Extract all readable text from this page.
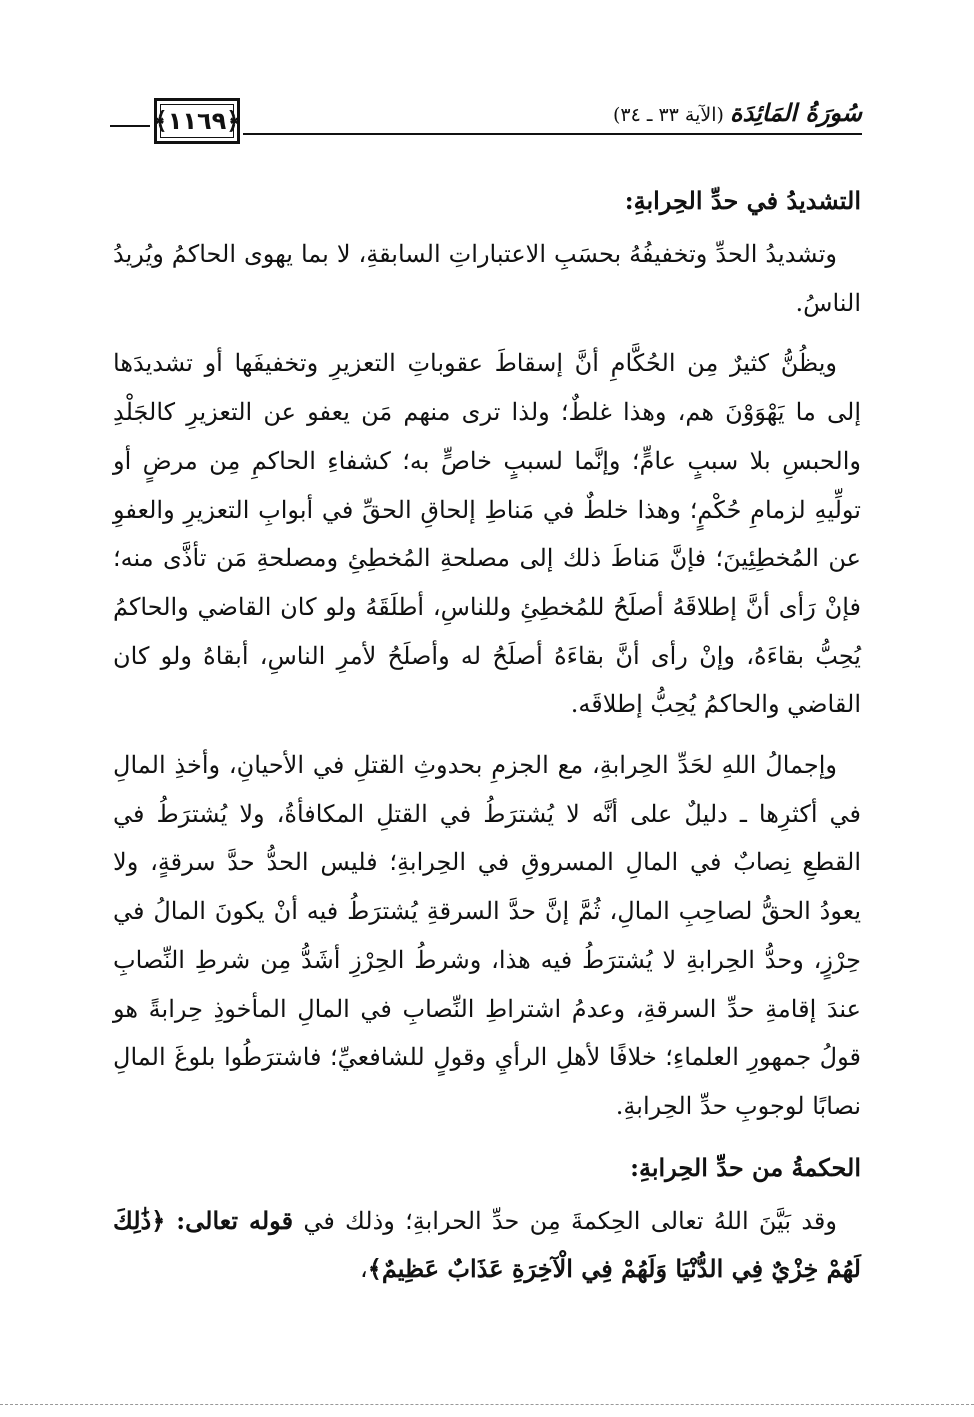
﴿١١٦٩﴾	سُورَةُ المَائِدَة (الآية ٣٣ ـ ٣٤)
التشديدُ في حدِّ الحِرابةِ:

وتشديدُ الحدِّ وتخفيفُهُ بحسَبِ الاعتباراتِ السابقةِ، لا بما يهوى الحاكمُ ويُريدُ الناسُ.

ويظُنُّ كثيرٌ مِن الحُكَّامِ أنَّ إسقاطَ عقوباتِ التعزيرِ وتخفيفَها أو تشديدَها إلى ما يَهْوَوْنَ هم، وهذا غلطٌ؛ ولذا ترى منهم مَن يعفو عن التعزيرِ كالجَلْدِ والحبسِ بلا سببٍ عامٍّ؛ وإنَّما لسببٍ خاصٍّ به؛ كشفاءِ الحاكمِ مِن مرضٍ أو تولِّيهِ لزمامِ حُكْمٍ؛ وهذا خلطٌ في مَناطِ إلحاقِ الحقِّ في أبوابِ التعزيرِ والعفوِ عن المُخطِئِينَ؛ فإنَّ مَناطَ ذلك إلى مصلحةِ المُخطِئِ ومصلحةِ مَن تأذَّى منه؛ فإنْ رَأى أنَّ إطلاقَهُ أصلَحُ للمُخطِئِ وللناسِ، أطلَقَهُ ولو كان القاضي والحاكمُ يُحِبُّ بقاءَهُ، وإنْ رأى أنَّ بقاءَهُ أصلَحُ له وأصلَحُ لأمرِ الناسِ، أبقاهُ ولو كان القاضي والحاكمُ يُحِبُّ إطلاقَه.

وإجمالُ اللهِ لحَدِّ الحِرابةِ، مع الجزمِ بحدوثِ القتلِ في الأحيانِ، وأخذِ المالِ في أكثرِها ـ دليلٌ على أنَّه لا يُشترَطُ في القتلِ المكافأةُ، ولا يُشترَطُ في القطعِ نِصابٌ في المالِ المسروقِ في الحِرابةِ؛ فليس الحدُّ حدَّ سرقةٍ، ولا يعودُ الحقُّ لصاحِبِ المالِ، ثُمَّ إنَّ حدَّ السرقةِ يُشترَطُ فيه أنْ يكونَ المالُ في حِرْزٍ، وحدُّ الحِرابةِ لا يُشترَطُ فيه هذا، وشرطُ الحِرْزِ أشَدُّ مِن شرطِ النِّصابِ عندَ إقامةِ حدِّ السرقةِ، وعدمُ اشتراطِ النِّصابِ في المالِ المأخوذِ حِرابةً هو قولُ جمهورِ العلماءِ؛ خلافًا لأهلِ الرأيِ وقولٍ للشافعيِّ؛ فاشترَطُوا بلوغَ المالِ نصابًا لوجوبِ حدِّ الحِرابةِ.

الحكمةُ من حدِّ الحِرابةِ:

وقد بَيَّنَ اللهُ تعالى الحِكمةَ مِن حدِّ الحرابةِ؛ وذلك في قوله تعالى: ﴿ذَٰلِكَ لَهُمْ خِزْيٌ فِي الدُّنْيَا وَلَهُمْ فِي الْآخِرَةِ عَذَابٌ عَظِيمٌ﴾،
